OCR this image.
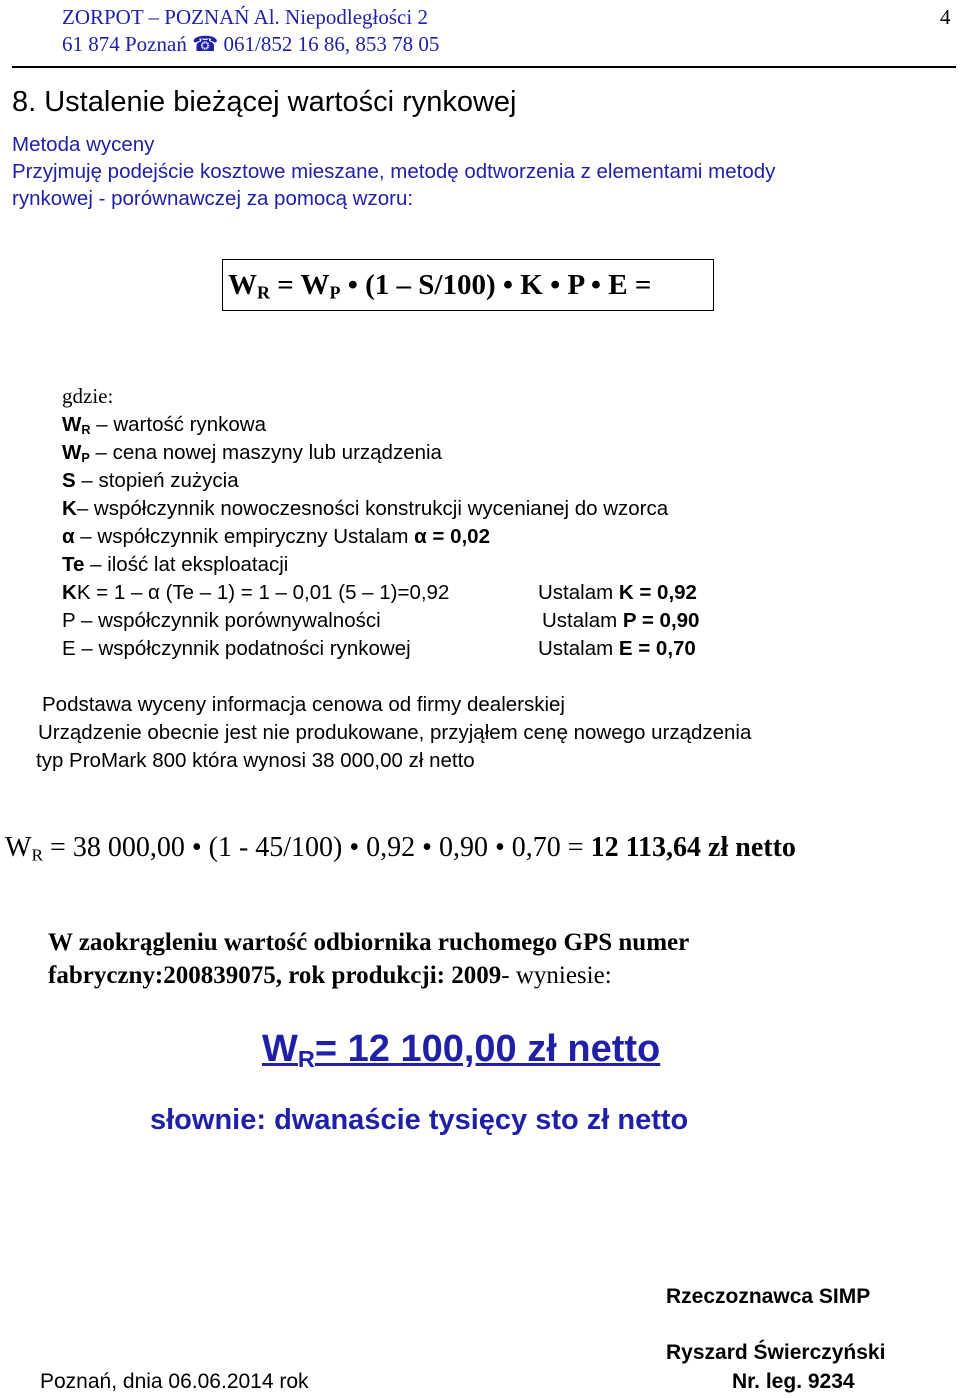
ZORPOT – POZNAŃ Al. Niepodległości 2
61 874 Poznań ☎ 061/852 16 86, 853 78 05
4
8. Ustalenie bieżącej wartości rynkowej
Metoda wyceny
Przyjmuję podejście kosztowe mieszane, metodę odtworzenia z elementami metody
rynkowej - porównawczej za pomocą wzoru:
$W_R = W_P$ • (1 – S/100) • K • P • E =
gdzie:
$W_R$ – wartość rynkowa
$W_P$ – cena nowej maszyny lub urządzenia
S – stopień zużycia
K– współczynnik nowoczesności konstrukcji wycenianej do wzorca
α – współczynnik empiryczny Ustalam α = 0,02
Te – ilość lat eksploatacji
KK = 1 – α (Te – 1) = 1 – 0,01 (5 – 1)=0,92	Ustalam K = 0,92
P – współczynnik porównywalności	Ustalam P = 0,90
E – współczynnik podatności rynkowej	Ustalam E = 0,70
Podstawa wyceny informacja cenowa od firmy dealerskiej
Urządzenie obecnie jest nie produkowane, przyjąłem cenę nowego urządzenia
typ ProMark 800 która wynosi 38 000,00 zł netto
$W_R = 38$ 000,00 • (1 - 45/100) • 0,92 • 0,90 • 0,70 = 12 113,64 zł netto
W zaokrągleniu wartość odbiornika ruchomego GPS numer
fabryczny:200839075, rok produkcji: 2009- wyniesie:
$W_R= 12$ 100,00 zł netto
słownie: dwanaście tysięcy sto zł netto
Rzeczoznawca SIMP
Ryszard Świerczyński
Poznań, dnia 06.06.2014 rok	Nr. leg. 9234
